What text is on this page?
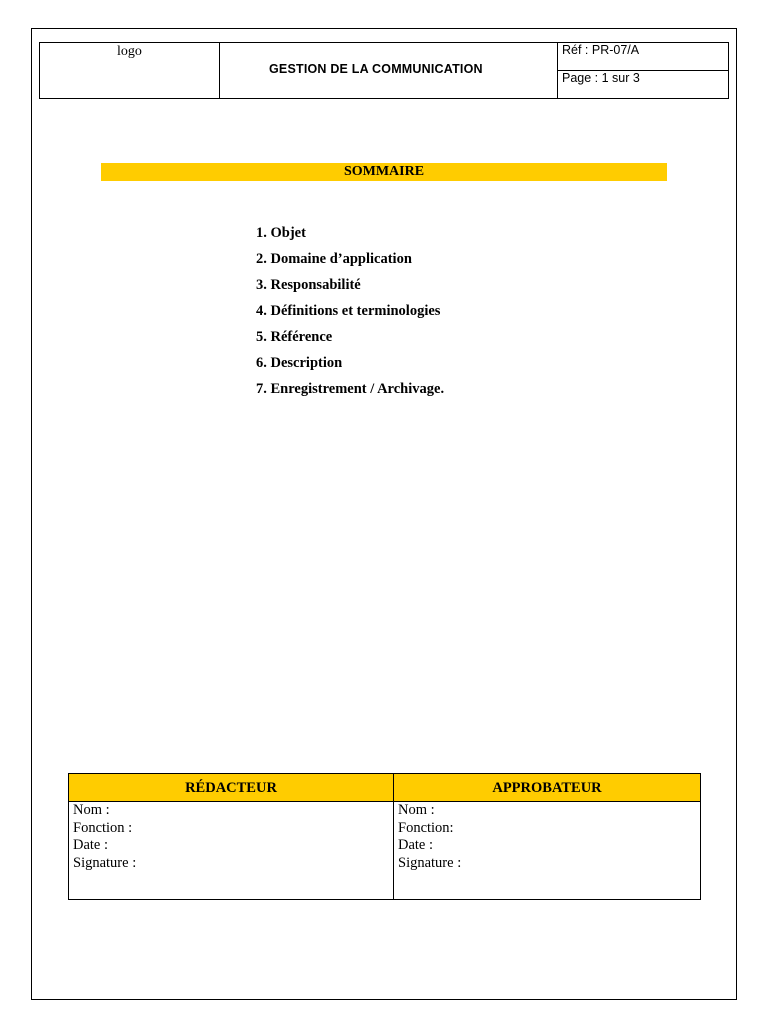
logo
GESTION DE LA COMMUNICATION
Réf : PR-07/A
Page : 1 sur 3
SOMMAIRE
1. Objet
2. Domaine d’application
3. Responsabilité
4. Définitions et terminologies
5. Référence
6. Description
7. Enregistrement / Archivage.
RÉDACTEUR
Nom :
Fonction :
Date :
Signature :
APPROBATEUR
Nom :
Fonction:
Date :
Signature :
